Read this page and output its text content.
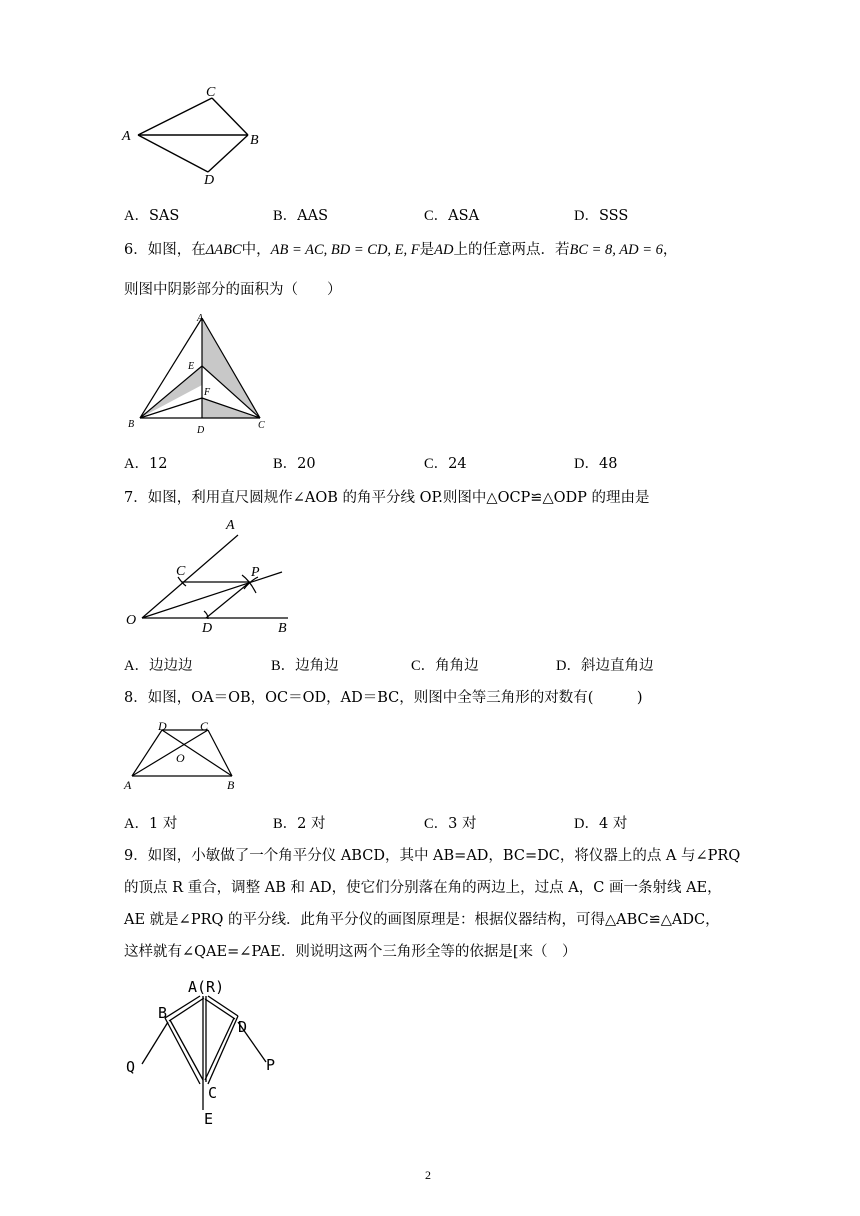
C
A	B
D
A．SAS	B．AAS	C．ASA	D．SSS
6．如图，在ΔABC中，AB = AC, BD = CD, E, F是AD上的任意两点．若BC = 8, AD = 6，
则图中阴影部分的面积为（　　）
A
E
F
B
D	C
A．12	B．20	C．24	D．48
7．如图，利用直尺圆规作∠AOB 的角平分线 OP.则图中△OCP≌△ODP 的理由是
A
C	P
O
D	B
A．边边边	B．边角边	C．角角边	D．斜边直角边
8．如图，OA＝OB，OC＝OD，AD＝BC，则图中全等三角形的对数有(　　　)
D	C
O
A	B
A．1 对	B．2 对	C．3 对	D．4 对
9．如图，小敏做了一个角平分仪 ABCD，其中 AB=AD，BC=DC，将仪器上的点 A 与∠PRQ
的顶点 R 重合，调整 AB 和 AD，使它们分别落在角的两边上，过点 A，C 画一条射线 AE，
AE 就是∠PRQ 的平分线．此角平分仪的画图原理是：根据仪器结构，可得△ABC≌△ADC，
这样就有∠QAE=∠PAE．则说明这两个三角形全等的依据是[来（　）
A(R)
B
D
Q	P
C
E
2
